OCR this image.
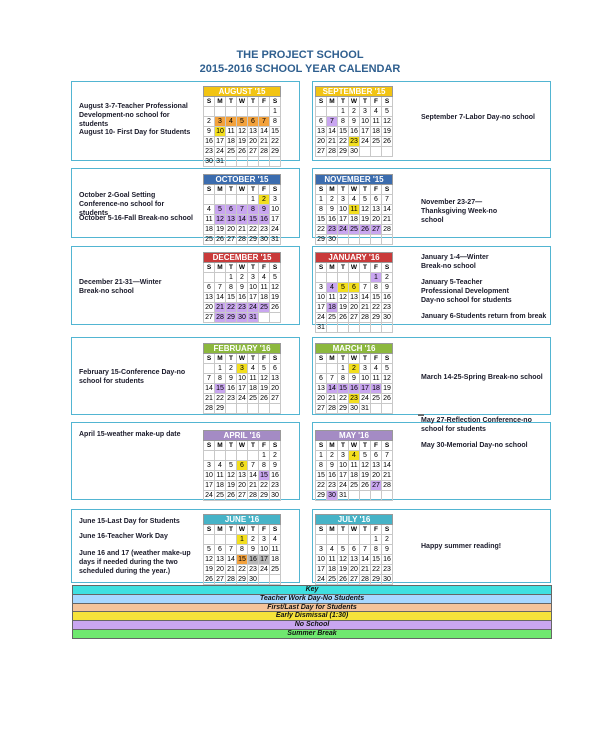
THE PROJECT SCHOOL
2015-2016 SCHOOL YEAR CALENDAR
▬
AUGUST '15						
S	M	T	W	T	F	S
						1
2	3	4	5	6	7	8
9	10	11	12	13	14	15
16	17	18	19	20	21	22
23	24	25	26	27	28	29
30	31					
SEPTEMBER '15						
S	M	T	W	T	F	S
		1	2	3	4	5
6	7	8	9	10	11	12
13	14	15	16	17	18	19
20	21	22	23	24	25	26
27	28	29	30			
OCTOBER '15						
S	M	T	W	T	F	S
				1	2	3
4	5	6	7	8	9	10
11	12	13	14	15	16	17
18	19	20	21	22	23	24
25	26	27	28	29	30	31
NOVEMBER '15						
S	M	T	W	T	F	S
1	2	3	4	5	6	7
8	9	10	11	12	13	14
15	16	17	18	19	20	21
22	23	24	25	26	27	28
29	30					
DECEMBER '15						
S	M	T	W	T	F	S
		1	2	3	4	5
6	7	8	9	10	11	12
13	14	15	16	17	18	19
20	21	22	23	24	25	26
27	28	29	30	31		
JANUARY '16						
S	M	T	W	T	F	S
					1	2
3	4	5	6	7	8	9
10	11	12	13	14	15	16
17	18	19	20	21	22	23
24	25	26	27	28	29	30
31						
FEBRUARY '16						
S	M	T	W	T	F	S
	1	2	3	4	5	6
7	8	9	10	11	12	13
14	15	16	17	18	19	20
21	22	23	24	25	26	27
28	29					
MARCH '16						
S	M	T	W	T	F	S
		1	2	3	4	5
6	7	8	9	10	11	12
13	14	15	16	17	18	19
20	21	22	23	24	25	26
27	28	29	30	31		
APRIL '16						
S	M	T	W	T	F	S
					1	2
3	4	5	6	7	8	9
10	11	12	13	14	15	16
17	18	19	20	21	22	23
24	25	26	27	28	29	30
MAY '16						
S	M	T	W	T	F	S
1	2	3	4	5	6	7
8	9	10	11	12	13	14
15	16	17	18	19	20	21
22	23	24	25	26	27	28
29	30	31				
JUNE '16						
S	M	T	W	T	F	S
			1	2	3	4
5	6	7	8	9	10	11
12	13	14	15	16	17	18
19	20	21	22	23	24	25
26	27	28	29	30		
JULY '16						
S	M	T	W	T	F	S
					1	2
3	4	5	6	7	8	9
10	11	12	13	14	15	16
17	18	19	20	21	22	23
24	25	26	27	28	29	30

August 3-7-Teacher Professional Development-no school for students
August 10- First Day for Students
September 7-Labor Day-no school
October 2-Goal Setting Conference-no school for students
October 5-16-Fall Break-no school
November 23-27—Thanksgiving Week-no school
December 21-31—Winter Break-no school
January 1-4—Winter Break-no school
January 5-Teacher Professional Development Day-no school for students
January 6-Students return from break
February 15-Conference Day-no school for students
March 14-25-Spring Break-no school
April 15-weather make-up date
May 27-Reflection Conference-no school for students
May 30-Memorial Day-no school
June 15-Last Day for Students
June 16-Teacher Work Day
June 16 and 17 (weather make-up days if needed during the two scheduled during the year.)
Happy summer reading!
Key
Teacher Work Day-No Students
First/Last Day for Students
Early Dismissal (1:30)
No School
Summer Break
